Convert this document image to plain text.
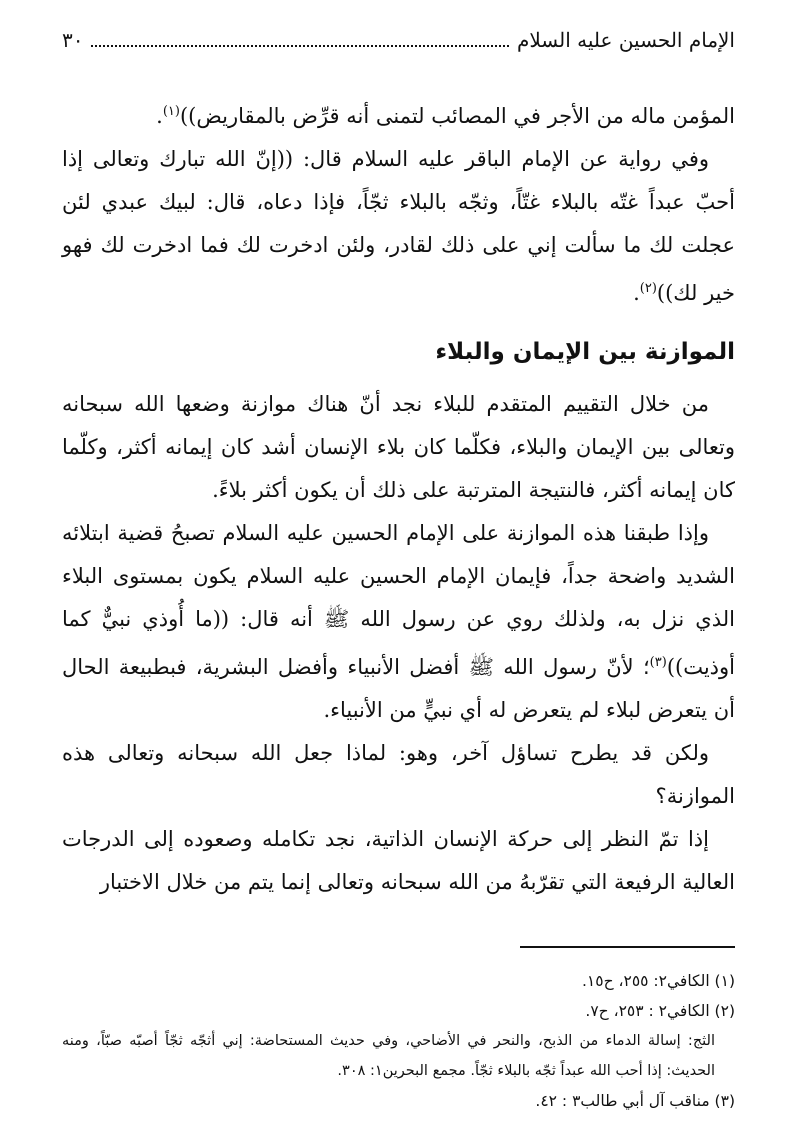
الإمام الحسين عليه السلام
٣٠

المؤمن ماله من الأجر في المصائب لتمنى أنه قرِّض بالمقاريض))$^{(١)}$.

وفي رواية عن الإمام الباقر عليه السلام قال: ((إنّ الله تبارك وتعالى إذا أحبّ عبداً غتّه بالبلاء غتّاً، وثجّه بالبلاء ثجّاً، فإذا دعاه، قال: لبيك عبدي لئن عجلت لك ما سألت إني على ذلك لقادر، ولئن ادخرت لك فما ادخرت لك فهو خير لك))$^{(٢)}$.

الموازنة بين الإيمان والبلاء

من خلال التقييم المتقدم للبلاء نجد أنّ هناك موازنة وضعها الله سبحانه وتعالى بين الإيمان والبلاء، فكلّما كان بلاء الإنسان أشد كان إيمانه أكثر، وكلّما كان إيمانه أكثر، فالنتيجة المترتبة على ذلك أن يكون أكثر بلاءً.

وإذا طبقنا هذه الموازنة على الإمام الحسين عليه السلام تصبحُ قضية ابتلائه الشديد واضحة جداً، فإيمان الإمام الحسين عليه السلام يكون بمستوى البلاء الذي نزل به، ولذلك روي عن رسول الله ﷺ أنه قال: ((ما أُوذي نبيٌّ كما أوذيت))$^{(٣)}$؛ لأنّ رسول الله ﷺ أفضل الأنبياء وأفضل البشرية، فبطبيعة الحال أن يتعرض لبلاء لم يتعرض له أي نبيٍّ من الأنبياء.

ولكن قد يطرح تساؤل آخر، وهو: لماذا جعل الله سبحانه وتعالى هذه الموازنة؟

إذا تمّ النظر إلى حركة الإنسان الذاتية، نجد تكامله وصعوده إلى الدرجات العالية الرفيعة التي تقرّبهُ من الله سبحانه وتعالى إنما يتم من خلال الاختبار

(١) الكافي٢: ٢٥٥، ح١٥.

(٢) الكافي٢ : ٢٥٣، ح٧.

الثج: إسالة الدماء من الذبح، والنحر في الأضاحي، وفي حديث المستحاضة: إني أثجّه ثجّاً أصبّه صبّاً، ومنه الحديث: إذا أحب الله عبداً ثجّه بالبلاء ثجّاً. مجمع البحرين١: ٣٠٨.

(٣) مناقب آل أبي طالب٣ : ٤٢.
